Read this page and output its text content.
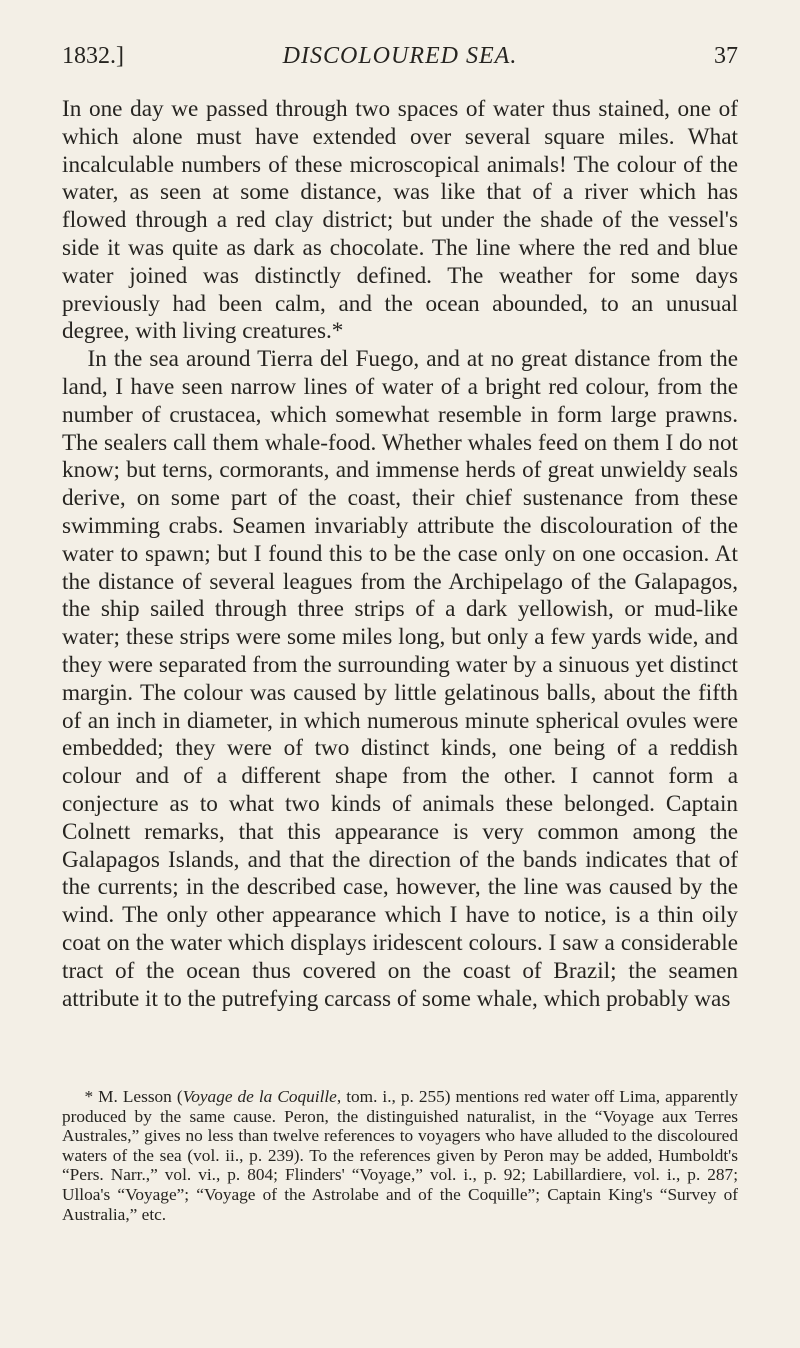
1832.]	DISCOLOURED SEA.	37

In one day we passed through two spaces of water thus stained, one of which alone must have extended over several square miles. What incalculable numbers of these microscopical animals! The colour of the water, as seen at some distance, was like that of a river which has flowed through a red clay district; but under the shade of the vessel's side it was quite as dark as chocolate. The line where the red and blue water joined was distinctly defined. The weather for some days previously had been calm, and the ocean abounded, to an unusual degree, with living creatures.*

In the sea around Tierra del Fuego, and at no great distance from the land, I have seen narrow lines of water of a bright red colour, from the number of crustacea, which somewhat resemble in form large prawns. The sealers call them whale-food. Whether whales feed on them I do not know; but terns, cormorants, and immense herds of great unwieldy seals derive, on some part of the coast, their chief sustenance from these swimming crabs. Seamen invariably attribute the discolouration of the water to spawn; but I found this to be the case only on one occasion. At the distance of several leagues from the Archipelago of the Galapagos, the ship sailed through three strips of a dark yellowish, or mud-like water; these strips were some miles long, but only a few yards wide, and they were separated from the surrounding water by a sinuous yet distinct margin. The colour was caused by little gelatinous balls, about the fifth of an inch in diameter, in which numerous minute spherical ovules were embedded; they were of two distinct kinds, one being of a reddish colour and of a different shape from the other. I cannot form a conjecture as to what two kinds of animals these belonged. Captain Colnett remarks, that this appearance is very common among the Galapagos Islands, and that the direction of the bands indicates that of the currents; in the described case, however, the line was caused by the wind. The only other appearance which I have to notice, is a thin oily coat on the water which displays iridescent colours. I saw a considerable tract of the ocean thus covered on the coast of Brazil; the seamen attribute it to the putrefying carcass of some whale, which probably was

* M. Lesson (Voyage de la Coquille, tom. i., p. 255) mentions red water off Lima, apparently produced by the same cause. Peron, the distinguished naturalist, in the “Voyage aux Terres Australes,” gives no less than twelve references to voyagers who have alluded to the discoloured waters of the sea (vol. ii., p. 239). To the references given by Peron may be added, Humboldt's “Pers. Narr.,” vol. vi., p. 804; Flinders' “Voyage,” vol. i., p. 92; Labillardiere, vol. i., p. 287; Ulloa's “Voyage”; “Voyage of the Astrolabe and of the Coquille”; Captain King's “Survey of Australia,” etc.
